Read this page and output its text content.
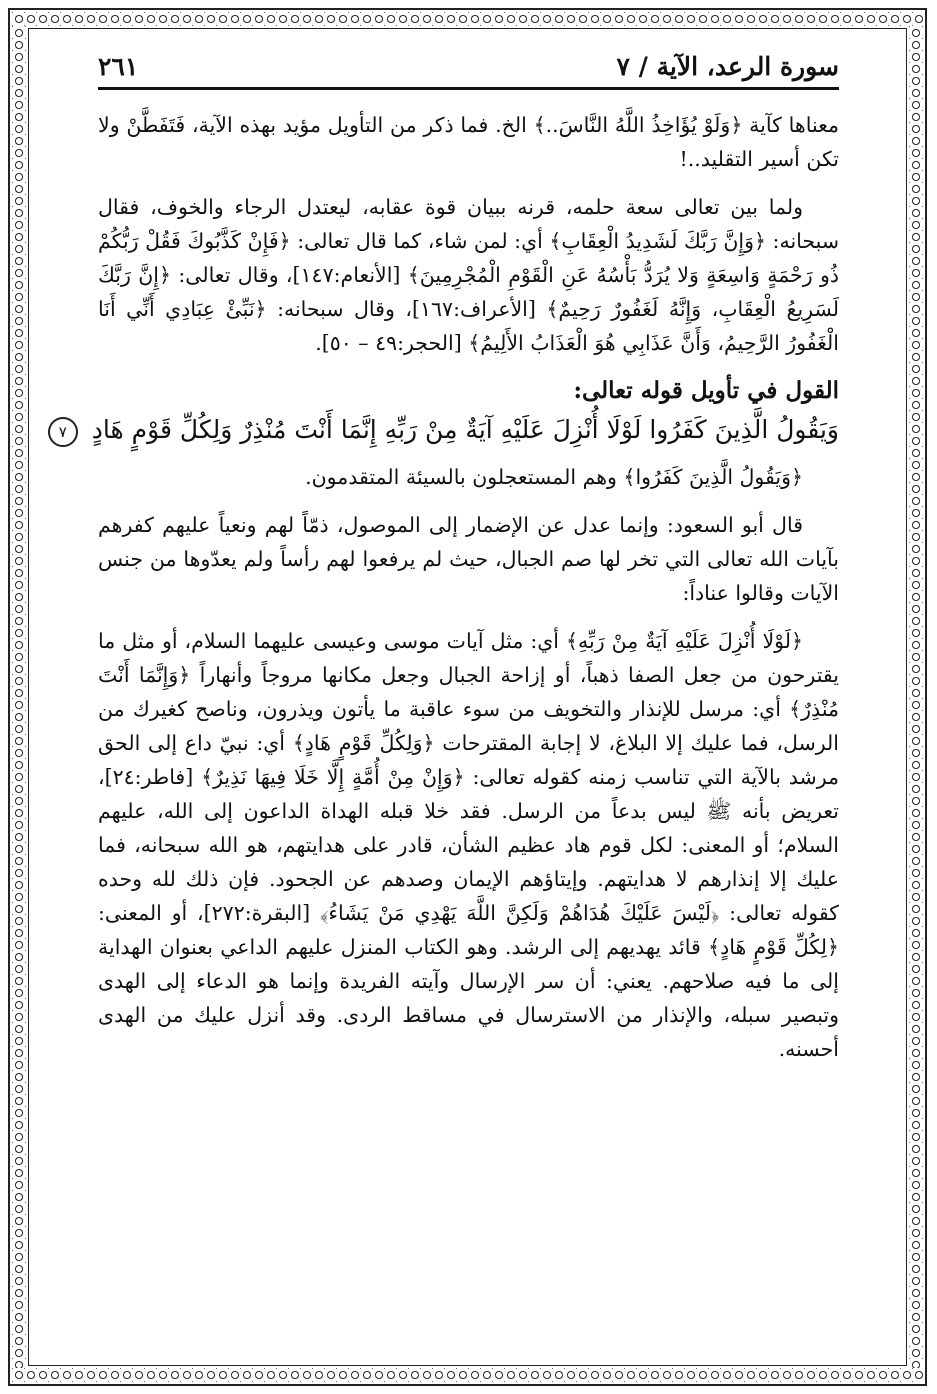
سورة الرعد، الآية / ٧
٢٦١

معناها كآية ﴿وَلَوْ يُؤَاخِذُ اللَّهُ النَّاسَ..﴾ الخ. فما ذكر من التأويل مؤيد بهذه الآية، فَتَفَطَّنْ ولا تكن أسير التقليد..!

ولما بين تعالى سعة حلمه، قرنه ببيان قوة عقابه، ليعتدل الرجاء والخوف، فقال سبحانه: ﴿وَإِنَّ رَبَّكَ لَشَدِيدُ الْعِقَابِ﴾ أي: لمن شاء، كما قال تعالى: ﴿فَإِنْ كَذَّبُوكَ فَقُلْ رَبُّكُمْ ذُو رَحْمَةٍ وَاسِعَةٍ وَلا يُرَدُّ بَأْسُهُ عَنِ الْقَوْمِ الْمُجْرِمِينَ﴾ [الأنعام:١٤٧]، وقال تعالى: ﴿إِنَّ رَبَّكَ لَسَرِيعُ الْعِقَابِ، وَإِنَّهُ لَغَفُورٌ رَحِيمٌ﴾ [الأعراف:١٦٧]، وقال سبحانه: ﴿نَبِّئْ عِبَادِي أَنِّي أَنَا الْغَفُورُ الرَّحِيمُ، وَأَنَّ عَذَابِي هُوَ الْعَذَابُ الأَلِيمُ﴾ [الحجر:٤٩ – ٥٠].

القول في تأويل قوله تعالى:
وَيَقُولُ الَّذِينَ كَفَرُوا لَوْلَا أُنْزِلَ عَلَيْهِ آيَةٌ مِنْ رَبِّهِ إِنَّمَا أَنْتَ مُنْذِرٌ وَلِكُلِّ قَوْمٍ هَادٍ ٧

﴿وَيَقُولُ الَّذِينَ كَفَرُوا﴾ وهم المستعجلون بالسيئة المتقدمون.

قال أبو السعود: وإنما عدل عن الإضمار إلى الموصول، ذمّاً لهم ونعياً عليهم كفرهم بآيات الله تعالى التي تخر لها صم الجبال، حيث لم يرفعوا لهم رأساً ولم يعدّوها من جنس الآيات وقالوا عناداً:

﴿لَوْلَا أُنْزِلَ عَلَيْهِ آيَةٌ مِنْ رَبِّهِ﴾ أي: مثل آيات موسى وعيسى عليهما السلام، أو مثل ما يقترحون من جعل الصفا ذهباً، أو إزاحة الجبال وجعل مكانها مروجاً وأنهاراً ﴿وَإِنَّمَا أَنْتَ مُنْذِرٌ﴾ أي: مرسل للإنذار والتخويف من سوء عاقبة ما يأتون ويذرون، وناصح كغيرك من الرسل، فما عليك إلا البلاغ، لا إجابة المقترحات ﴿وَلِكُلِّ قَوْمٍ هَادٍ﴾ أي: نبيّ داع إلى الحق مرشد بالآية التي تناسب زمنه كقوله تعالى: ﴿وَإِنْ مِنْ أُمَّةٍ إِلَّا خَلَا فِيهَا نَذِيرٌ﴾ [فاطر:٢٤]، تعريض بأنه ﷺ ليس بدعاً من الرسل. فقد خلا قبله الهداة الداعون إلى الله، عليهم السلام؛ أو المعنى: لكل قوم هاد عظيم الشأن، قادر على هدايتهم، هو الله سبحانه، فما عليك إلا إنذارهم لا هدايتهم. وإيتاؤهم الإيمان وصدهم عن الجحود. فإن ذلك لله وحده كقوله تعالى: ﴿لَيْسَ عَلَيْكَ هُدَاهُمْ وَلَكِنَّ اللَّهَ يَهْدِي مَنْ يَشَاءُ﴾ [البقرة:٢٧٢]، أو المعنى: ﴿لِكُلِّ قَوْمٍ هَادٍ﴾ قائد يهديهم إلى الرشد. وهو الكتاب المنزل عليهم الداعي بعنوان الهداية إلى ما فيه صلاحهم. يعني: أن سر الإرسال وآيته الفريدة وإنما هو الدعاء إلى الهدى وتبصير سبله، والإنذار من الاسترسال في مساقط الردى. وقد أنزل عليك من الهدى أحسنه.
